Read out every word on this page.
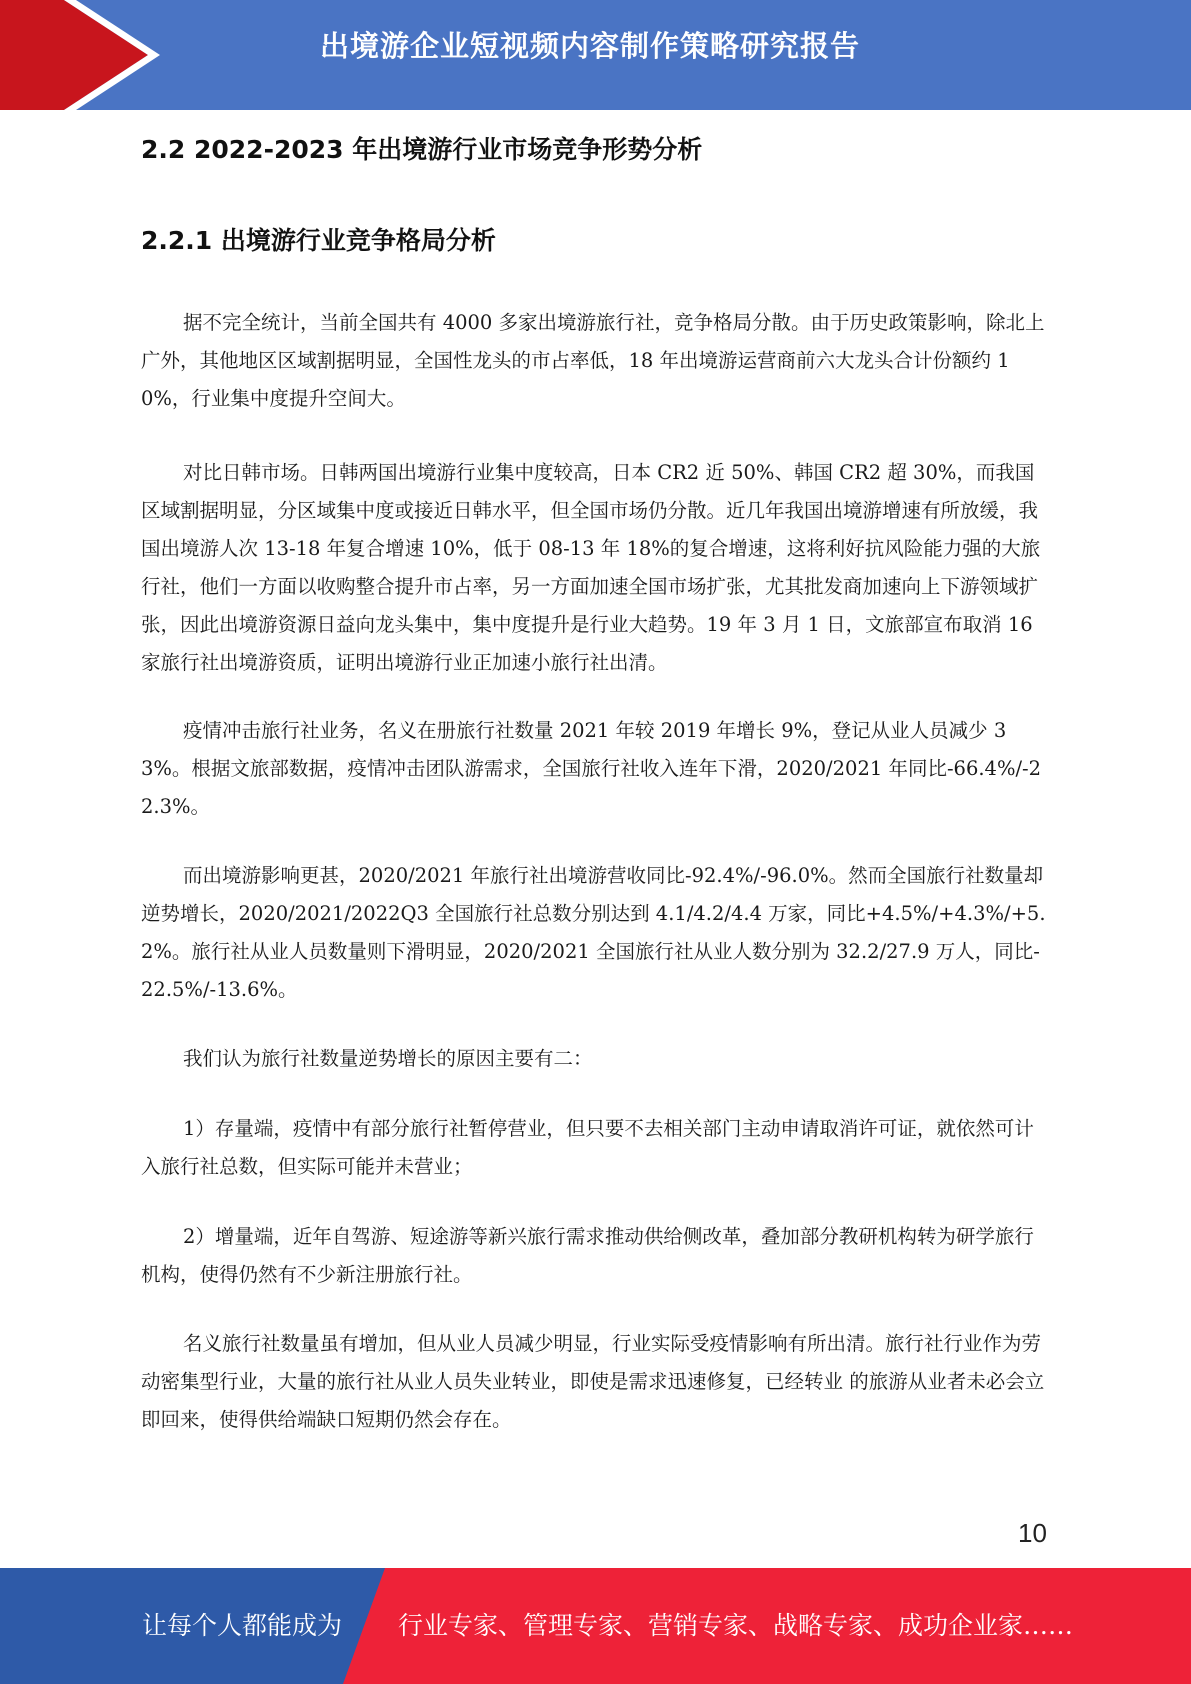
出境游企业短视频内容制作策略研究报告
2.2 2022-2023 年出境游行业市场竞争形势分析
2.2.1 出境游行业竞争格局分析

据不完全统计，当前全国共有 4000 多家出境游旅行社，竞争格局分散。由于历史政策影响，除北上广外，其他地区区域割据明显，全国性龙头的市占率低，18 年出境游运营商前六大龙头合计份额约 10%，行业集中度提升空间大。

对比日韩市场。日韩两国出境游行业集中度较高，日本 CR2 近 50%、韩国 CR2 超 30%，而我国区域割据明显，分区域集中度或接近日韩水平，但全国市场仍分散。近几年我国出境游增速有所放缓，我国出境游人次 13-18 年复合增速 10%，低于 08-13 年 18%的复合增速，这将利好抗风险能力强的大旅行社，他们一方面以收购整合提升市占率，另一方面加速全国市场扩张，尤其批发商加速向上下游领域扩张，因此出境游资源日益向龙头集中，集中度提升是行业大趋势。19 年 3 月 1 日，文旅部宣布取消 16 家旅行社出境游资质，证明出境游行业正加速小旅行社出清。

疫情冲击旅行社业务，名义在册旅行社数量 2021 年较 2019 年增长 9%，登记从业人员减少 33%。根据文旅部数据，疫情冲击团队游需求，全国旅行社收入连年下滑，2020/2021 年同比-66.4%/-22.3%。

而出境游影响更甚，2020/2021 年旅行社出境游营收同比-92.4%/-96.0%。然而全国旅行社数量却逆势增长，2020/2021/2022Q3 全国旅行社总数分别达到 4.1/4.2/4.4 万家，同比+4.5%/+4.3%/+5.2%。旅行社从业人员数量则下滑明显，2020/2021 全国旅行社从业人数分别为 32.2/27.9 万人，同比-22.5%/-13.6%。

我们认为旅行社数量逆势增长的原因主要有二：

1）存量端，疫情中有部分旅行社暂停营业，但只要不去相关部门主动申请取消许可证，就依然可计入旅行社总数，但实际可能并未营业；

2）增量端，近年自驾游、短途游等新兴旅行需求推动供给侧改革，叠加部分教研机构转为研学旅行机构，使得仍然有不少新注册旅行社。

名义旅行社数量虽有增加，但从业人员减少明显，行业实际受疫情影响有所出清。旅行社行业作为劳动密集型行业，大量的旅行社从业人员失业转业，即使是需求迅速修复，已经转业 的旅游从业者未必会立即回来，使得供给端缺口短期仍然会存在。

10
让每个人都能成为 行业专家、管理专家、营销专家、战略专家、成功企业家……
